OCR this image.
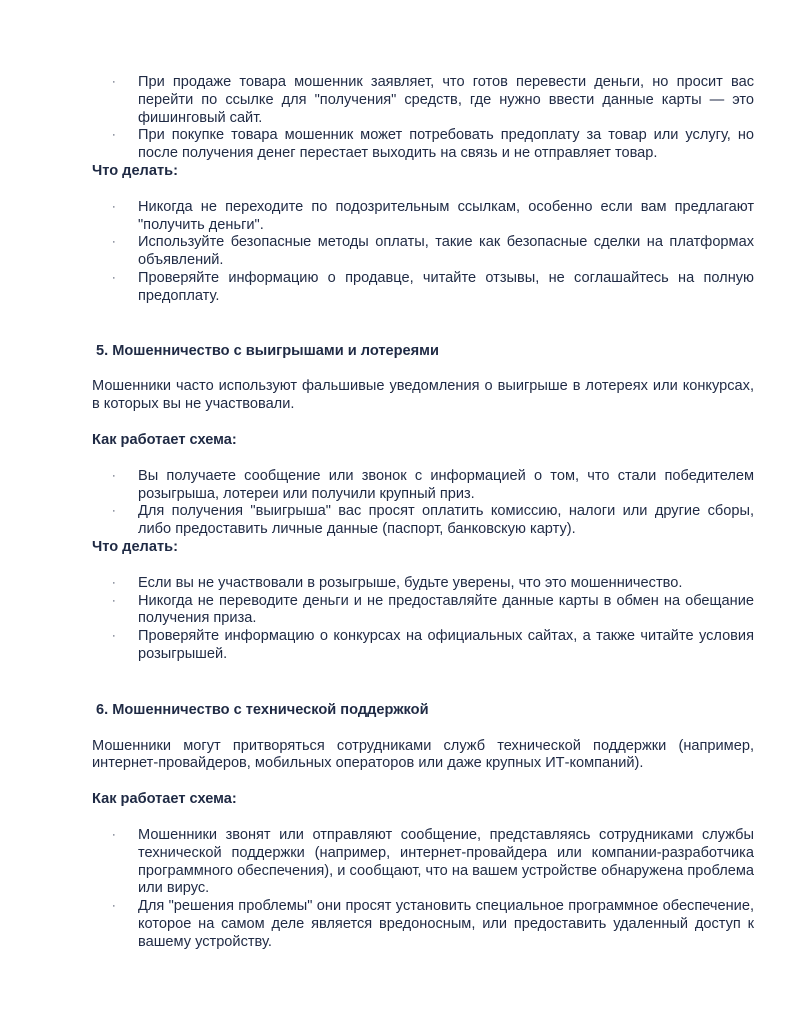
· При продаже товара мошенник заявляет, что готов перевести деньги, но просит вас перейти по ссылке для "получения" средств, где нужно ввести данные карты — это фишинговый сайт.
· При покупке товара мошенник может потребовать предоплату за товар или услугу, но после получения денег перестает выходить на связь и не отправляет товар.

Что делать:

· Никогда не переходите по подозрительным ссылкам, особенно если вам предлагают "получить деньги".
· Используйте безопасные методы оплаты, такие как безопасные сделки на платформах объявлений.
· Проверяйте информацию о продавце, читайте отзывы, не соглашайтесь на полную предоплату.

5. Мошенничество с выигрышами и лотереями

Мошенники часто используют фальшивые уведомления о выигрыше в лотереях или конкурсах, в которых вы не участвовали.

Как работает схема:

· Вы получаете сообщение или звонок с информацией о том, что стали победителем розыгрыша, лотереи или получили крупный приз.
· Для получения "выигрыша" вас просят оплатить комиссию, налоги или другие сборы, либо предоставить личные данные (паспорт, банковскую карту).

Что делать:

· Если вы не участвовали в розыгрыше, будьте уверены, что это мошенничество.
· Никогда не переводите деньги и не предоставляйте данные карты в обмен на обещание получения приза.
· Проверяйте информацию о конкурсах на официальных сайтах, а также читайте условия розыгрышей.

6. Мошенничество с технической поддержкой

Мошенники могут притворяться сотрудниками служб технической поддержки (например, интернет-провайдеров, мобильных операторов или даже крупных ИТ-компаний).

Как работает схема:

· Мошенники звонят или отправляют сообщение, представляясь сотрудниками службы технической поддержки (например, интернет-провайдера или компании-разработчика программного обеспечения), и сообщают, что на вашем устройстве обнаружена проблема или вирус.
· Для "решения проблемы" они просят установить специальное программное обеспечение, которое на самом деле является вредоносным, или предоставить удаленный доступ к вашему устройству.
